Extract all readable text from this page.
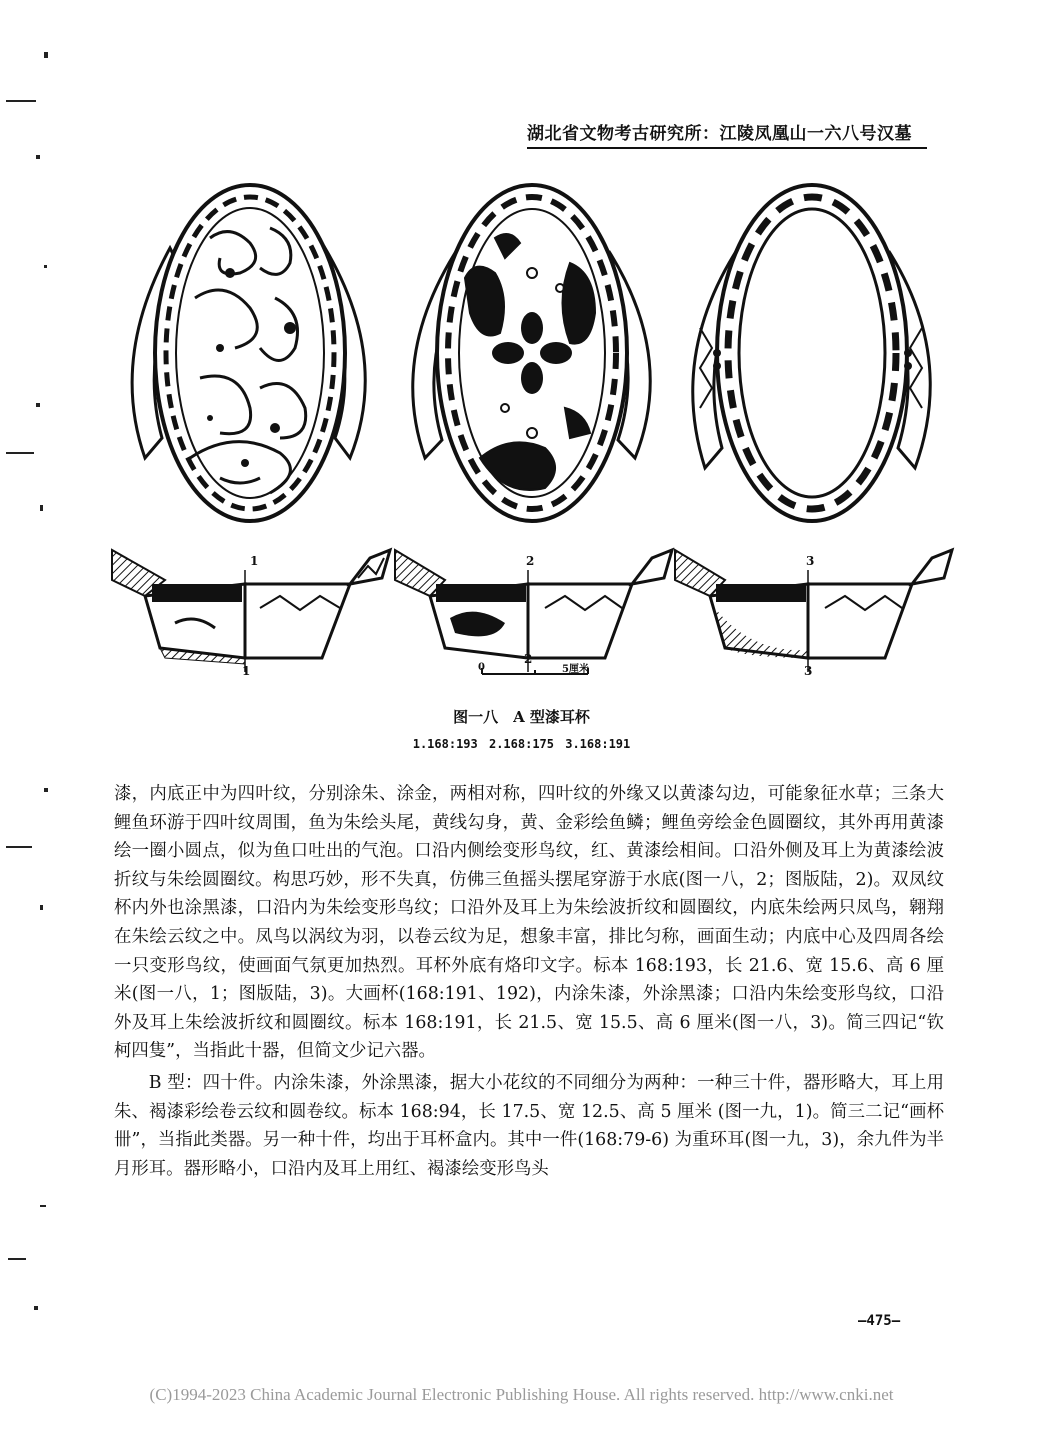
湖北省文物考古研究所：江陵凤凰山一六八号汉墓
1	2	3
1
2
3
0	5厘米
图一八　A 型漆耳杯
1.168:193 2.168:175 3.168:191

漆，内底正中为四叶纹，分别涂朱、涂金，两相对称，四叶纹的外缘又以黄漆勾边，可能象征水草；三条大鲤鱼环游于四叶纹周围，鱼为朱绘头尾，黄线勾身，黄、金彩绘鱼鳞；鲤鱼旁绘金色圆圈纹，其外再用黄漆绘一圈小圆点，似为鱼口吐出的气泡。口沿内侧绘变形鸟纹，红、黄漆绘相间。口沿外侧及耳上为黄漆绘波折纹与朱绘圆圈纹。构思巧妙，形不失真，仿佛三鱼摇头摆尾穿游于水底(图一八，2；图版陆，2)。双凤纹杯内外也涂黑漆，口沿内为朱绘变形鸟纹；口沿外及耳上为朱绘波折纹和圆圈纹，内底朱绘两只凤鸟，翱翔在朱绘云纹之中。凤鸟以涡纹为羽，以卷云纹为足，想象丰富，排比匀称，画面生动；内底中心及四周各绘一只变形鸟纹，使画面气氛更加热烈。耳杯外底有烙印文字。标本 168:193，长 21.6、宽 15.6、高 6 厘米(图一八，1；图版陆，3)。大画杯(168:191、192)，内涂朱漆，外涂黑漆；口沿内朱绘变形鸟纹，口沿外及耳上朱绘波折纹和圆圈纹。标本 168:191，长 21.5、宽 15.5、高 6 厘米(图一八，3)。简三四记“钦柯四隻”，当指此十器，但简文少记六器。

B 型：四十件。内涂朱漆，外涂黑漆，据大小花纹的不同细分为两种：一种三十件，器形略大，耳上用朱、褐漆彩绘卷云纹和圆卷纹。标本 168:94，长 17.5、宽 12.5、高 5 厘米 (图一九，1)。简三二记“画杯卌”，当指此类器。另一种十件，均出于耳杯盒内。其中一件(168:79-6) 为重环耳(图一九，3)，余九件为半月形耳。器形略小，口沿内及耳上用红、褐漆绘变形鸟头

—475—
(C)1994-2023 China Academic Journal Electronic Publishing House. All rights reserved. http://www.cnki.net
